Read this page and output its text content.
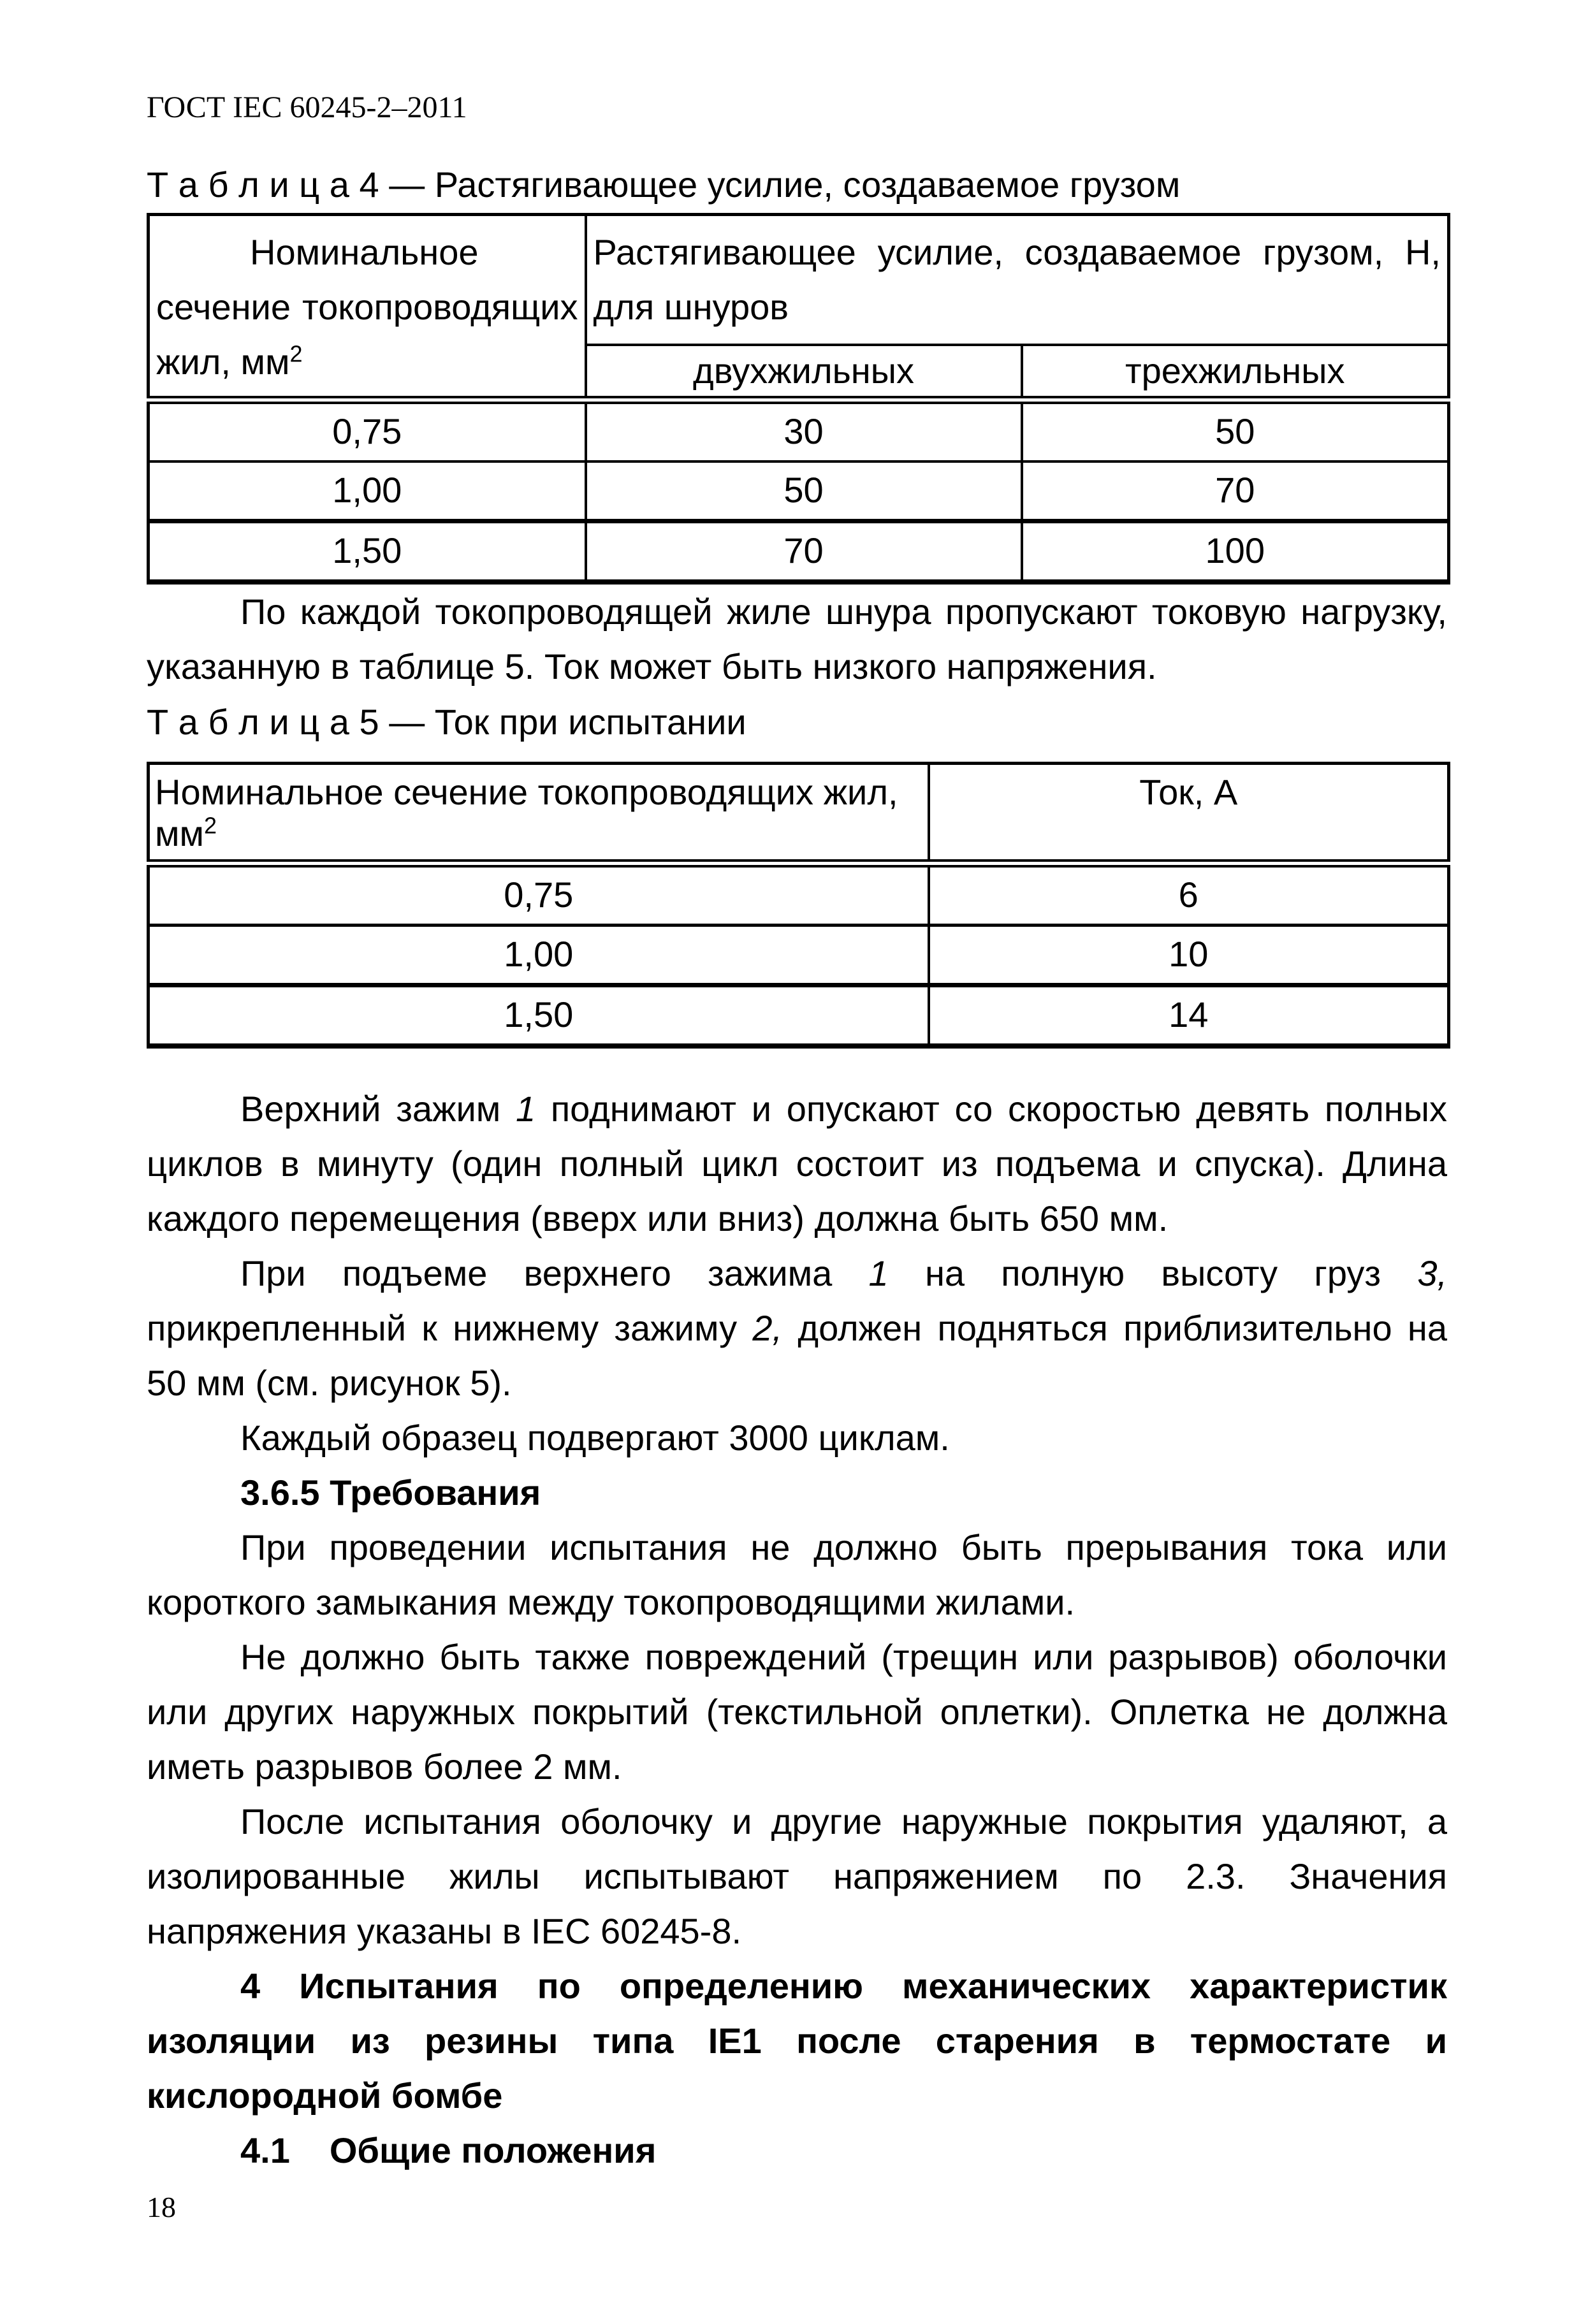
ГОСТ IEC 60245-2–2011

Т а б л и ц а 4 — Растягивающее усилие, создаваемое грузом

Номинальное сечение токопроводящих жил, $мм^2$	Растягивающее усилие, создаваемое грузом, Н, для шнуров	
	двухжильных	трехжильных
0,75	30	50
1,00	50	70
1,50	70	100

По каждой токопроводящей жиле шнура пропускают токовую нагрузку, указанную в таблице 5. Ток может быть низкого напряжения.

Т а б л и ц а 5 — Ток при испытании

Номинальное сечение токопроводящих жил, $мм^2$	Ток, А
0,75	6
1,00	10
1,50	14

Верхний зажим 1 поднимают и опускают со скоростью девять полных циклов в минуту (один полный цикл состоит из подъема и спуска). Длина каждого перемещения (вверх или вниз) должна быть 650 мм.

При подъеме верхнего зажима 1 на полную высоту груз 3, прикрепленный к нижнему зажиму 2, должен подняться приблизительно на 50 мм (см. рисунок 5).

Каждый образец подвергают 3000 циклам.

3.6.5 Требования

При проведении испытания не должно быть прерывания тока или короткого замыкания между токопроводящими жилами.

Не должно быть также повреждений (трещин или разрывов) оболочки или других наружных покрытий (текстильной оплетки). Оплетка не должна иметь разрывов более 2 мм.

После испытания оболочку и другие наружные покрытия удаляют, а изолированные жилы испытывают напряжением по 2.3. Значения напряжения указаны в IEC 60245-8.

4 Испытания по определению механических характеристик изоляции из резины типа IE1 после старения в термостате и кислородной бомбе

4.1 Общие положения

18
